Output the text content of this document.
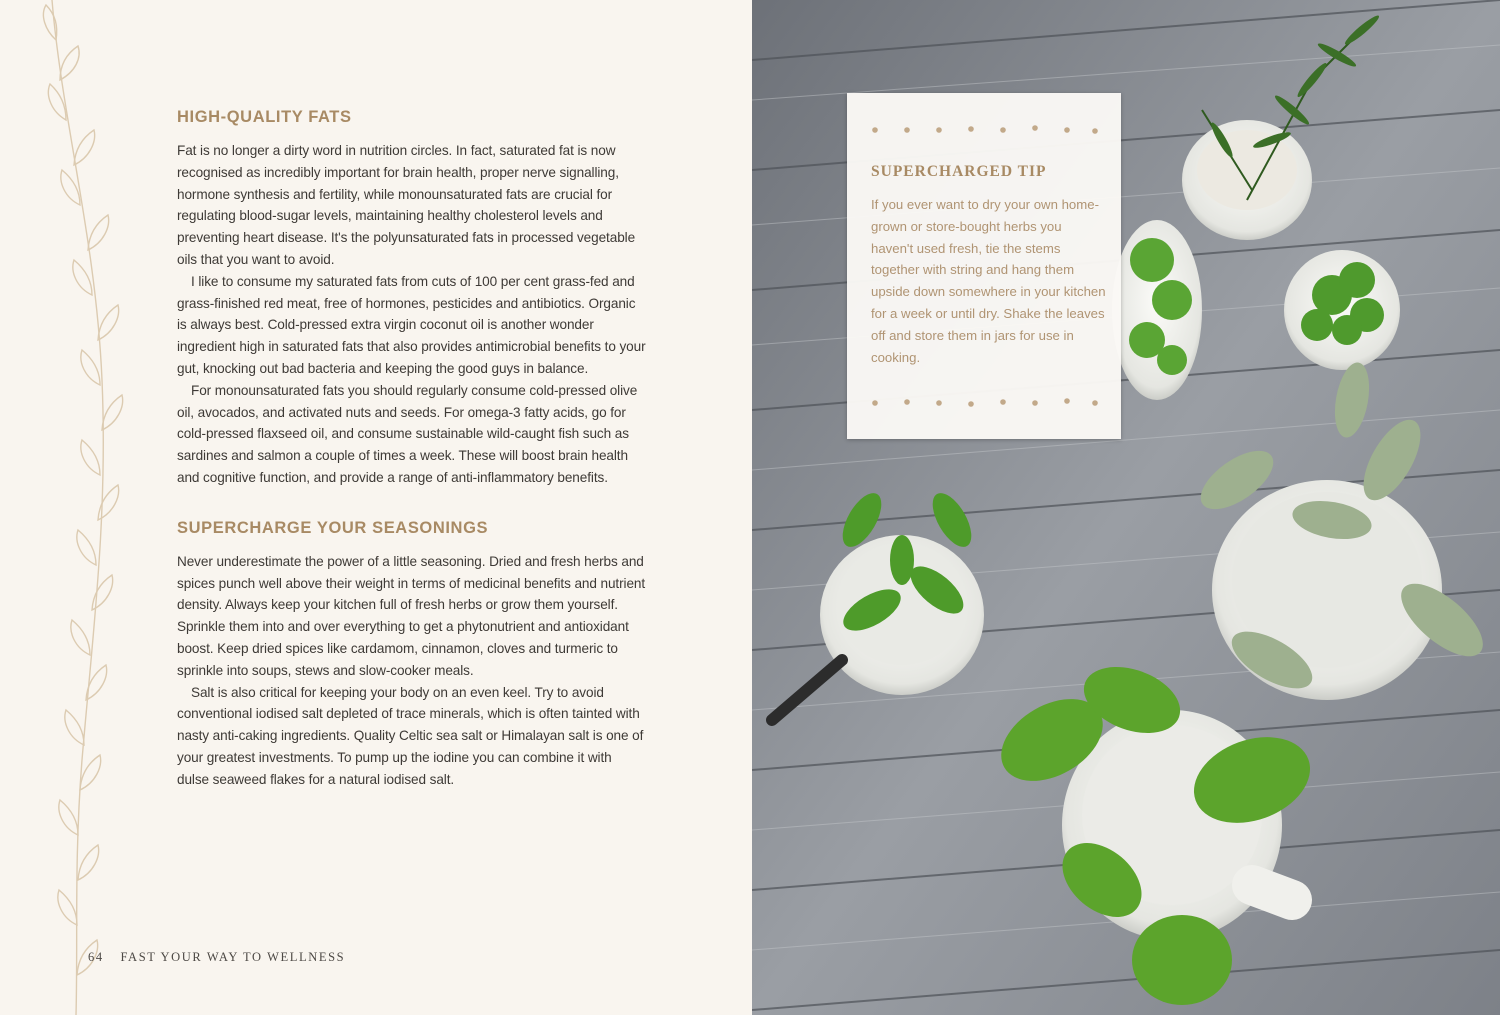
HIGH-QUALITY FATS

Fat is no longer a dirty word in nutrition circles. In fact, saturated fat is now recognised as incredibly important for brain health, proper nerve signalling, hormone synthesis and fertility, while monounsaturated fats are crucial for regulating blood-sugar levels, maintaining healthy cholesterol levels and preventing heart disease. It's the polyunsaturated fats in processed vegetable oils that you want to avoid.

I like to consume my saturated fats from cuts of 100 per cent grass-fed and grass-finished red meat, free of hormones, pesticides and antibiotics. Organic is always best. Cold-pressed extra virgin coconut oil is another wonder ingredient high in saturated fats that also provides antimicrobial benefits to your gut, knocking out bad bacteria and keeping the good guys in balance.

For monounsaturated fats you should regularly consume cold-pressed olive oil, avocados, and activated nuts and seeds. For omega-3 fatty acids, go for cold-pressed flaxseed oil, and consume sustainable wild-caught fish such as sardines and salmon a couple of times a week. These will boost brain health and cognitive function, and provide a range of anti-inflammatory benefits.

SUPERCHARGE YOUR SEASONINGS

Never underestimate the power of a little seasoning. Dried and fresh herbs and spices punch well above their weight in terms of medicinal benefits and nutrient density. Always keep your kitchen full of fresh herbs or grow them yourself. Sprinkle them into and over everything to get a phytonutrient and antioxidant boost. Keep dried spices like cardamom, cinnamon, cloves and turmeric to sprinkle into soups, stews and slow-cooker meals.

Salt is also critical for keeping your body on an even keel. Try to avoid conventional iodised salt depleted of trace minerals, which is often tainted with nasty anti-caking ingredients. Quality Celtic sea salt or Himalayan salt is one of your greatest investments. To pump up the iodine you can combine it with dulse seaweed flakes for a natural iodised salt.

64 FAST YOUR WAY TO WELLNESS
SUPERCHARGED TIP

If you ever want to dry your own home-grown or store-bought herbs you haven't used fresh, tie the stems together with string and hang them upside down somewhere in your kitchen for a week or until dry. Shake the leaves off and store them in jars for use in cooking.
